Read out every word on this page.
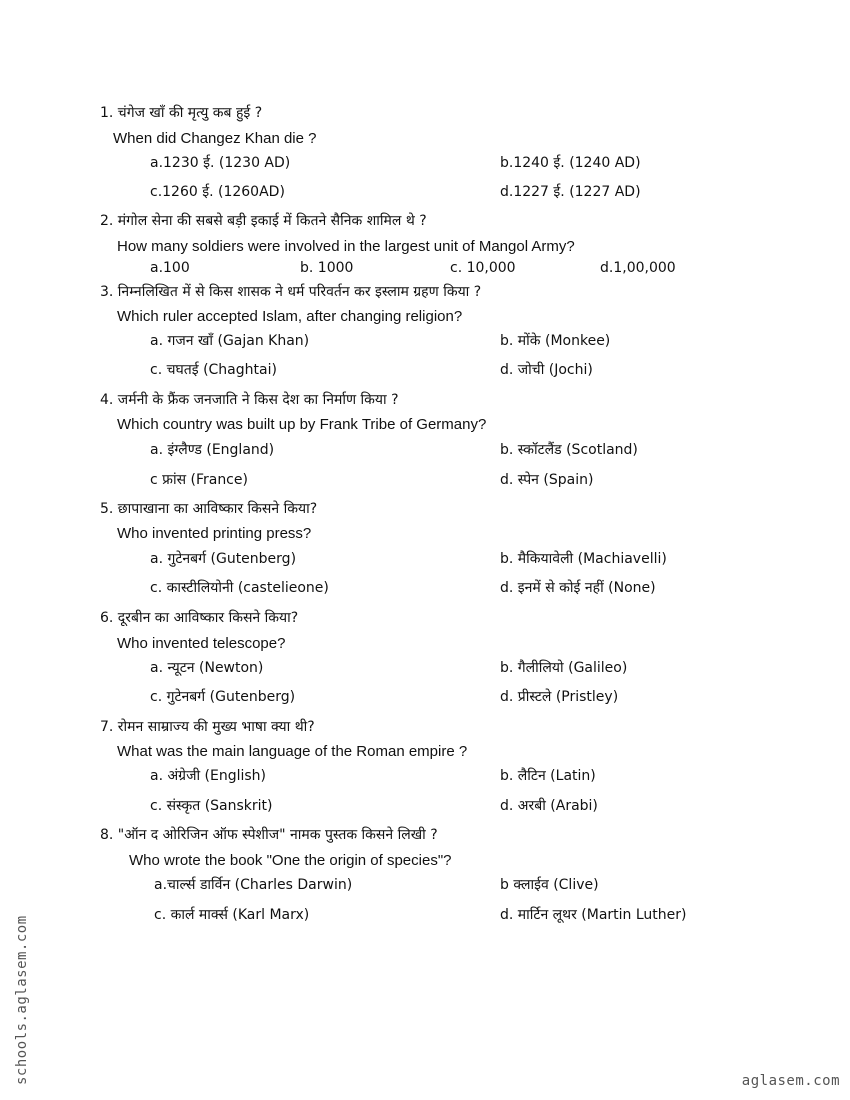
1. चंगेज खाँ की मृत्यु कब हुई ?
When did Changez Khan die ?
a.1230 ई. (1230 AD)	b.1240 ई. (1240 AD)
c.1260 ई. (1260AD)	d.1227 ई. (1227 AD)
2. मंगोल सेना की सबसे बड़ी इकाई में कितने सैनिक शामिल थे ?
How many soldiers were involved in the largest unit of Mangol Army?
a.100	b. 1000	c. 10,000	d.1,00,000
3. निम्नलिखित में से किस शासक ने धर्म परिवर्तन कर इस्लाम ग्रहण किया ?
Which ruler accepted Islam, after changing religion?
a. गजन खाँ (Gajan Khan)	b. मोंके (Monkee)
c. चघतई (Chaghtai)	d. जोची (Jochi)
4. जर्मनी के फ्रैंक जनजाति ने किस देश का निर्माण किया ?
Which country was built up by Frank Tribe of Germany?
a. इंग्लैण्ड (England)	b. स्कॉटलैंड (Scotland)
c फ्रांस (France)	d. स्पेन (Spain)
5. छापाखाना का आविष्कार किसने किया?
Who invented printing press?
a. गुटेनबर्ग (Gutenberg)	b. मैकियावेली (Machiavelli)
c. कास्टीलियोनी (castelieone)	d. इनमें से कोई नहीं (None)
6. दूरबीन का आविष्कार किसने किया?
Who invented telescope?
a. न्यूटन (Newton)	b. गैलीलियो (Galileo)
c. गुटेनबर्ग (Gutenberg)	d. प्रीस्टले (Pristley)
7. रोमन साम्राज्य की मुख्य भाषा क्या थी?
What was the main language of the Roman empire ?
a. अंग्रेजी (English)	b. लैटिन (Latin)
c. संस्कृत (Sanskrit)	d. अरबी (Arabi)
8. "ऑन द ओरिजिन ऑफ स्पेशीज" नामक पुस्तक किसने लिखी ?
Who wrote the book "One the origin of species"?
a.चार्ल्स डार्विन (Charles Darwin)	b क्लाईव (Clive)
c. कार्ल मार्क्स (Karl Marx)	d. मार्टिन लूथर (Martin Luther)
schools.aglasem.com	aglasem.com
